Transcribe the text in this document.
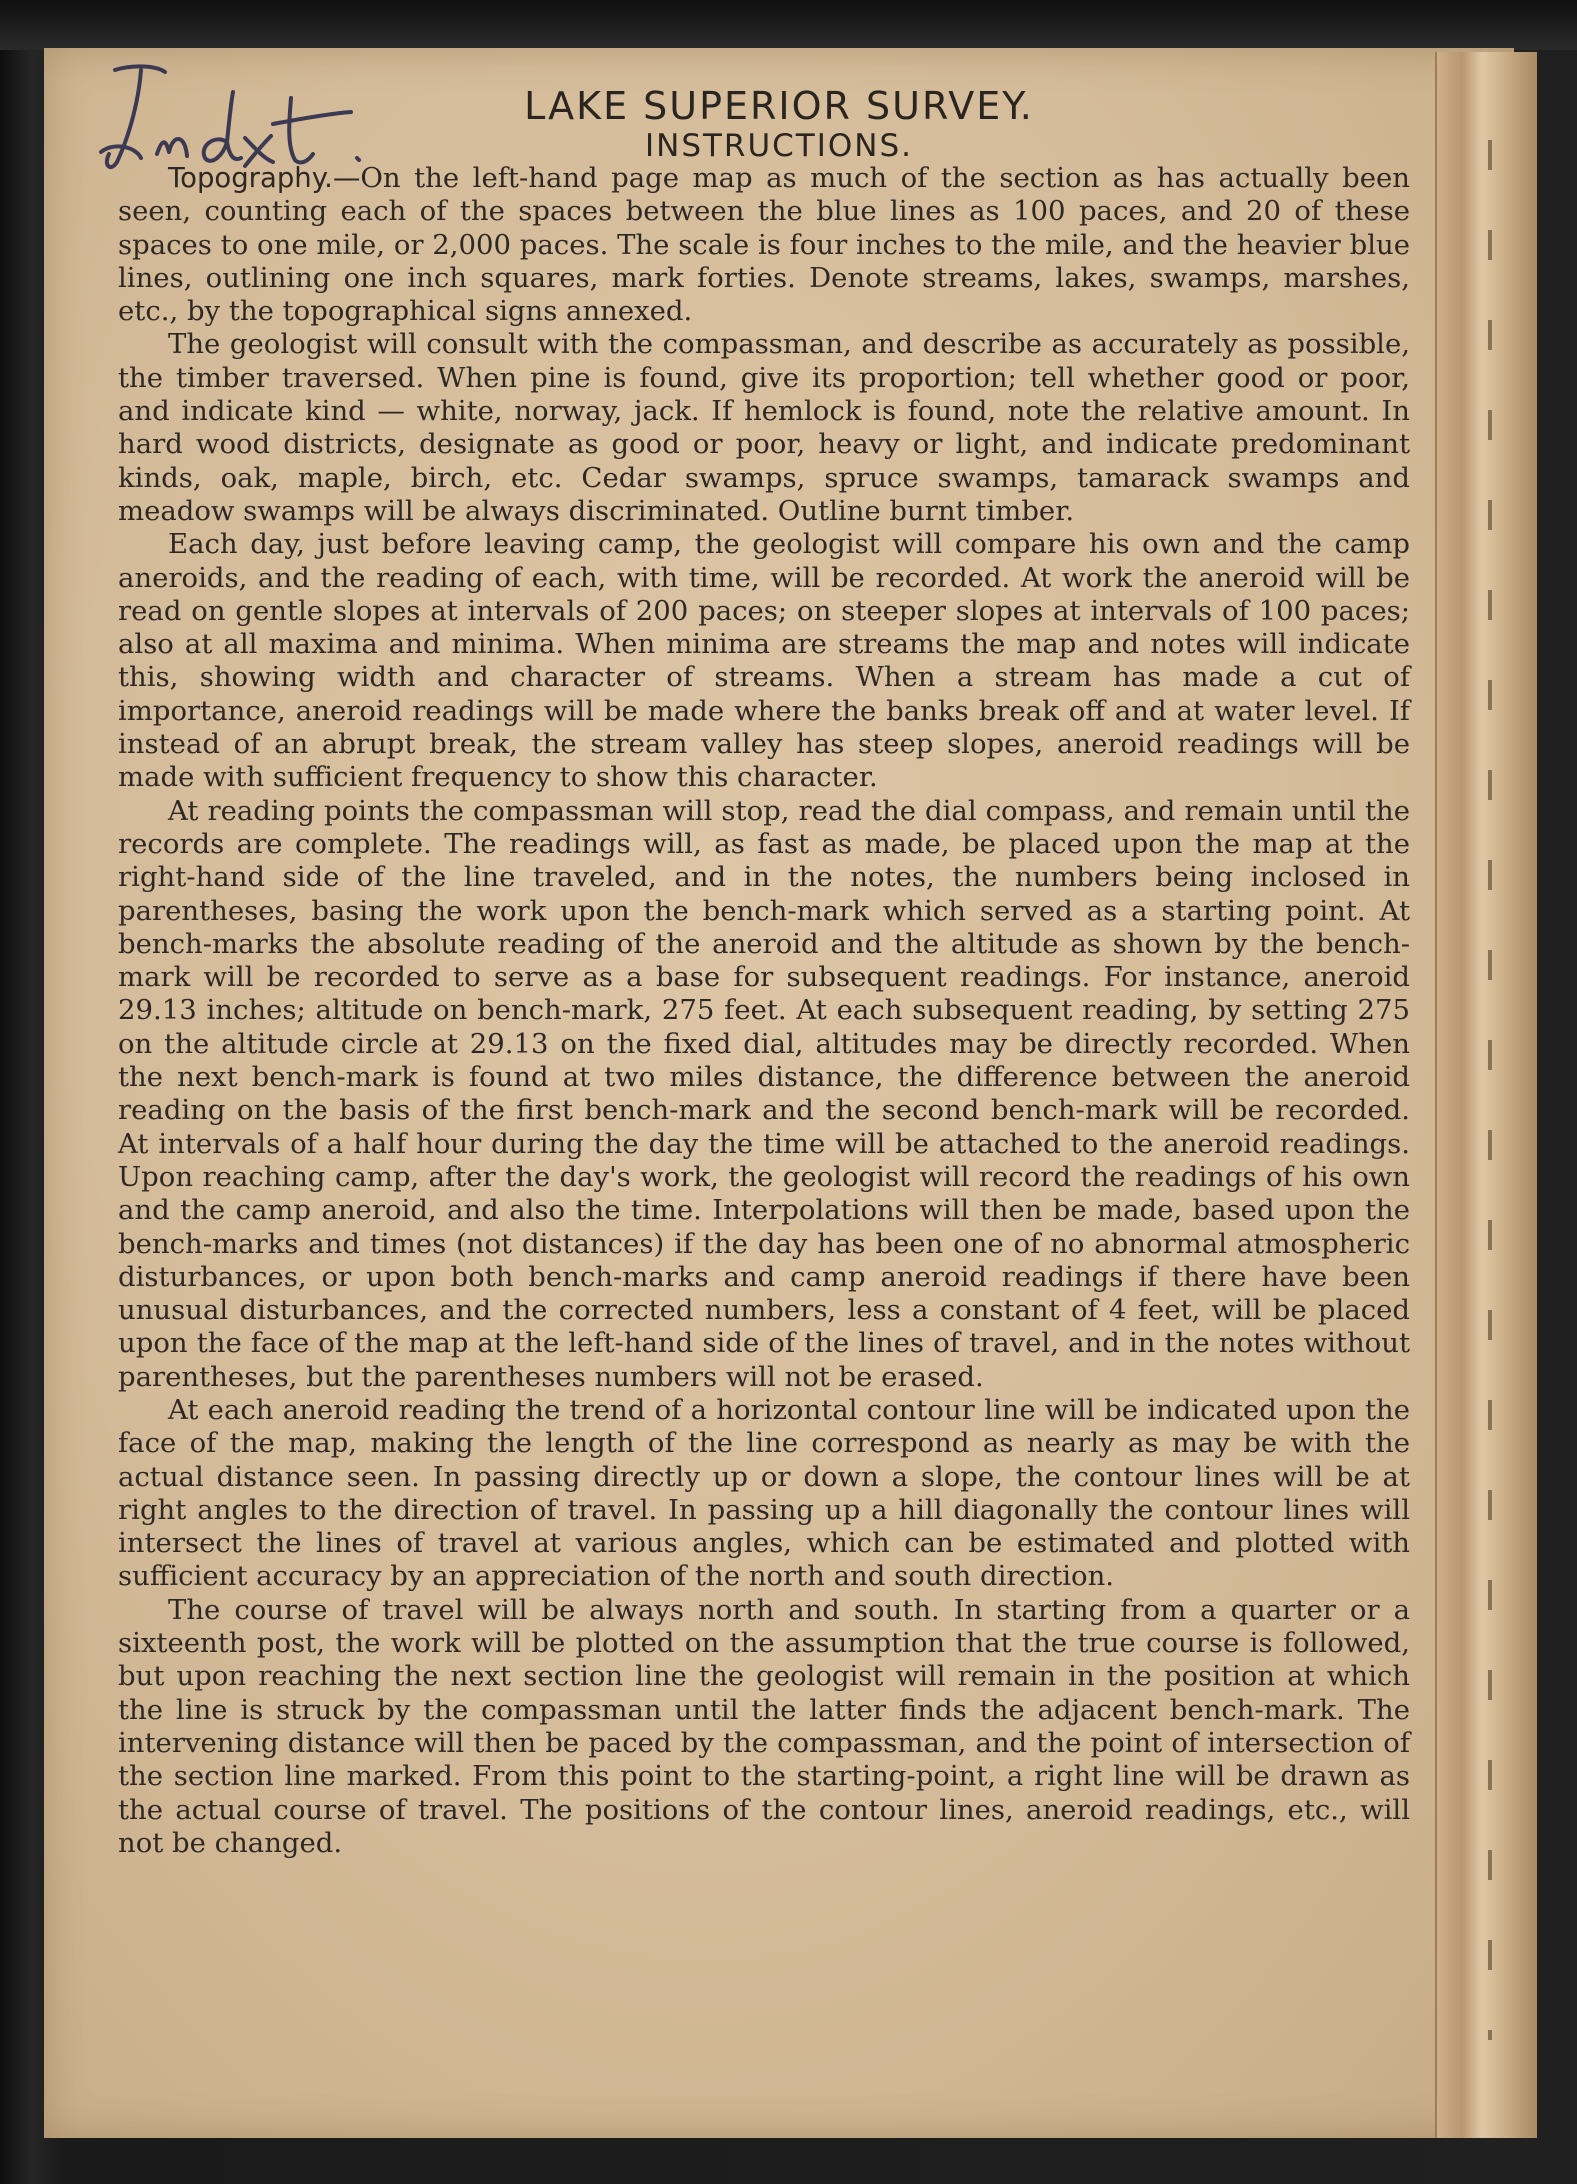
LAKE SUPERIOR SURVEY.
INSTRUCTIONS.

Topography.—On the left-hand page map as much of the section as has actually been seen, counting each of the spaces between the blue lines as 100 paces, and 20 of these spaces to one mile, or 2,000 paces. The scale is four inches to the mile, and the heavier blue lines, outlining one inch squares, mark forties. Denote streams, lakes, swamps, marshes, etc., by the topographical signs annexed.

The geologist will consult with the compassman, and describe as accurately as possible, the timber traversed. When pine is found, give its proportion; tell whether good or poor, and indicate kind — white, norway, jack. If hemlock is found, note the relative amount. In hard wood districts, designate as good or poor, heavy or light, and indicate predominant kinds, oak, maple, birch, etc. Cedar swamps, spruce swamps, tamarack swamps and meadow swamps will be always discriminated. Outline burnt timber.

Each day, just before leaving camp, the geologist will compare his own and the camp aneroids, and the reading of each, with time, will be recorded. At work the aneroid will be read on gentle slopes at intervals of 200 paces; on steeper slopes at intervals of 100 paces; also at all maxima and minima. When minima are streams the map and notes will indicate this, showing width and character of streams. When a stream has made a cut of importance, aneroid readings will be made where the banks break off and at water level. If instead of an abrupt break, the stream valley has steep slopes, aneroid readings will be made with sufficient frequency to show this character.

At reading points the compassman will stop, read the dial compass, and remain until the records are complete. The readings will, as fast as made, be placed upon the map at the right-hand side of the line traveled, and in the notes, the numbers being inclosed in parentheses, basing the work upon the bench-mark which served as a starting point. At bench-marks the absolute reading of the aneroid and the altitude as shown by the bench-mark will be recorded to serve as a base for subsequent readings. For instance, aneroid 29.13 inches; altitude on bench-mark, 275 feet. At each subsequent reading, by setting 275 on the altitude circle at 29.13 on the fixed dial, altitudes may be directly recorded. When the next bench-mark is found at two miles distance, the difference between the aneroid reading on the basis of the first bench-mark and the second bench-mark will be recorded. At intervals of a half hour during the day the time will be attached to the aneroid readings. Upon reaching camp, after the day's work, the geologist will record the readings of his own and the camp aneroid, and also the time. Interpolations will then be made, based upon the bench-marks and times (not distances) if the day has been one of no abnormal atmospheric disturbances, or upon both bench-marks and camp aneroid readings if there have been unusual disturbances, and the corrected numbers, less a constant of 4 feet, will be placed upon the face of the map at the left-hand side of the lines of travel, and in the notes without parentheses, but the parentheses numbers will not be erased.

At each aneroid reading the trend of a horizontal contour line will be indicated upon the face of the map, making the length of the line correspond as nearly as may be with the actual distance seen. In passing directly up or down a slope, the contour lines will be at right angles to the direction of travel. In passing up a hill diagonally the contour lines will intersect the lines of travel at various angles, which can be estimated and plotted with sufficient accuracy by an appreciation of the north and south direction.

The course of travel will be always north and south. In starting from a quarter or a sixteenth post, the work will be plotted on the assumption that the true course is followed, but upon reaching the next section line the geologist will remain in the position at which the line is struck by the compassman until the latter finds the adjacent bench-mark. The intervening distance will then be paced by the compassman, and the point of intersection of the section line marked. From this point to the starting-point, a right line will be drawn as the actual course of travel. The positions of the contour lines, aneroid readings, etc., will not be changed.
